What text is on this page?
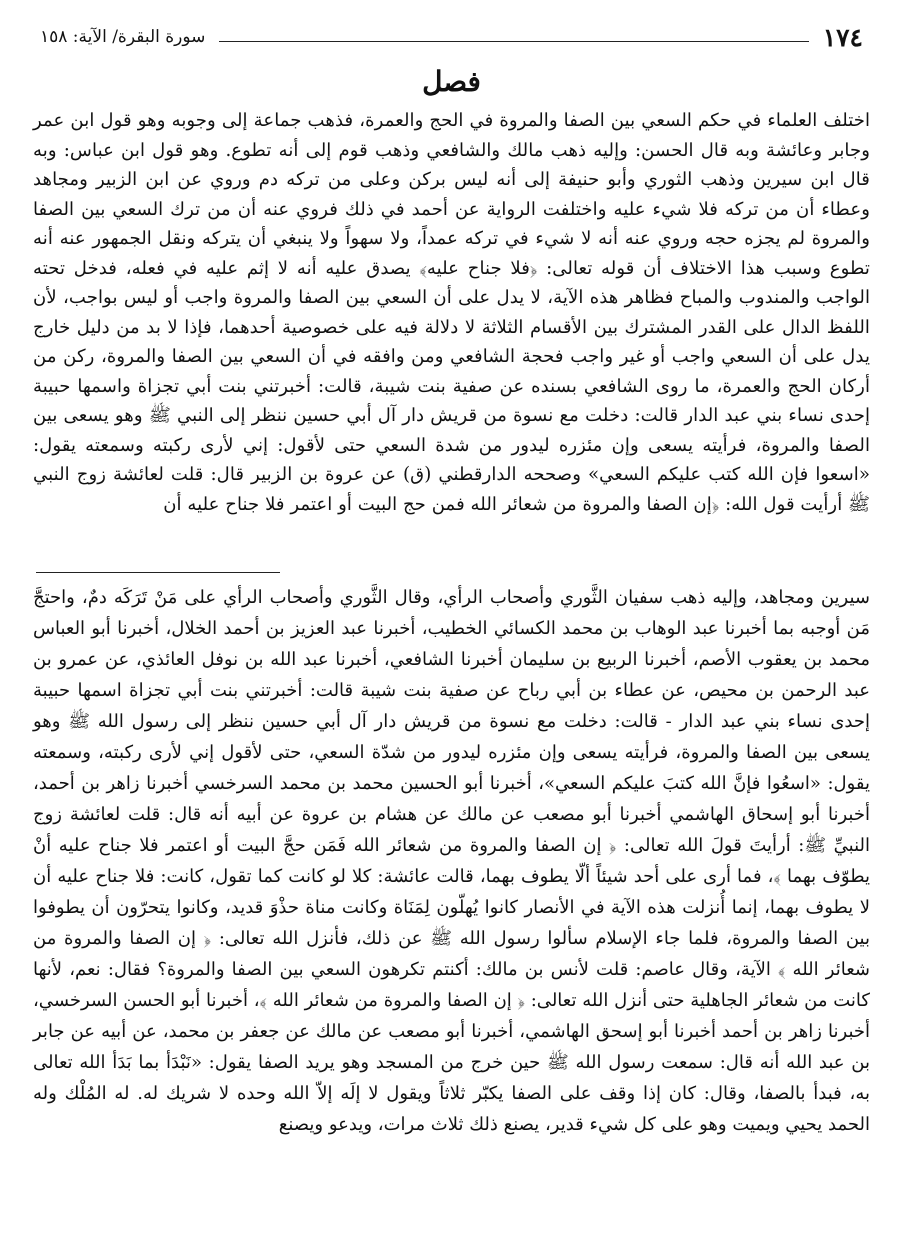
سورة البقرة/ الآية: ١٥٨	١٧٤
فصل

اختلف العلماء في حكم السعي بين الصفا والمروة في الحج والعمرة، فذهب جماعة إلى وجوبه وهو قول ابن عمر وجابر وعائشة وبه قال الحسن: وإليه ذهب مالك والشافعي وذهب قوم إلى أنه تطوع. وهو قول ابن عباس: وبه قال ابن سيرين وذهب الثوري وأبو حنيفة إلى أنه ليس بركن وعلى من تركه دم وروي عن ابن الزبير ومجاهد وعطاء أن من تركه فلا شيء عليه واختلفت الرواية عن أحمد في ذلك فروي عنه أن من ترك السعي بين الصفا والمروة لم يجزه حجه وروي عنه أنه لا شيء في تركه عمداً، ولا سهواً ولا ينبغي أن يتركه ونقل الجمهور عنه أنه تطوع وسبب هذا الاختلاف أن قوله تعالى: ﴿فلا جناح عليه﴾ يصدق عليه أنه لا إثم عليه في فعله، فدخل تحته الواجب والمندوب والمباح فظاهر هذه الآية، لا يدل على أن السعي بين الصفا والمروة واجب أو ليس بواجب، لأن اللفظ الدال على القدر المشترك بين الأقسام الثلاثة لا دلالة فيه على خصوصية أحدهما، فإذا لا بد من دليل خارج يدل على أن السعي واجب أو غير واجب فحجة الشافعي ومن وافقه في أن السعي بين الصفا والمروة، ركن من أركان الحج والعمرة، ما روى الشافعي بسنده عن صفية بنت شيبة، قالت: أخبرتني بنت أبي تجزاة واسمها حبيبة إحدى نساء بني عبد الدار قالت: دخلت مع نسوة من قريش دار آل أبي حسين ننظر إلى النبي ﷺ وهو يسعى بين الصفا والمروة، فرأيته يسعى وإن مئزره ليدور من شدة السعي حتى لأقول: إني لأرى ركبته وسمعته يقول: «اسعوا فإن الله كتب عليكم السعي» وصححه الدارقطني (ق) عن عروة بن الزبير قال: قلت لعائشة زوج النبي ﷺ أرأيت قول الله: ﴿إن الصفا والمروة من شعائر الله فمن حج البيت أو اعتمر فلا جناح عليه أن

سيرين ومجاهد، وإليه ذهب سفيان الثَّوري وأصحاب الرأي، وقال الثَّوري وأصحاب الرأي على مَنْ تَرَكَه دمٌ، واحتجَّ مَن أوجبه بما أخبرنا عبد الوهاب بن محمد الكسائي الخطيب، أخبرنا عبد العزيز بن أحمد الخلال، أخبرنا أبو العباس محمد بن يعقوب الأصم، أخبرنا الربيع بن سليمان أخبرنا الشافعي، أخبرنا عبد الله بن نوفل العائذي، عن عمرو بن عبد الرحمن بن محيص، عن عطاء بن أبي رباح عن صفية بنت شيبة قالت: أخبرتني بنت أبي تجزاة اسمها حبيبة إحدى نساء بني عبد الدار - قالت: دخلت مع نسوة من قريش دار آل أبي حسين ننظر إلى رسول الله ﷺ وهو يسعى بين الصفا والمروة، فرأيته يسعى وإن مئزره ليدور من شدّة السعي، حتى لأقول إني لأرى ركبته، وسمعته يقول: «اسعُوا فإنَّ الله كتبَ عليكم السعي»، أخبرنا أبو الحسين محمد بن محمد السرخسي أخبرنا زاهر بن أحمد، أخبرنا أبو إسحاق الهاشمي أخبرنا أبو مصعب عن مالك عن هشام بن عروة عن أبيه أنه قال: قلت لعائشة زوج النبيِّ ﷺ: أرأيتَ قولَ الله تعالى: ﴿ إن الصفا والمروة من شعائر الله فَمَن حجَّ البيت أو اعتمر فلا جناح عليه أنْ يطوّف بهما ﴾، فما أرى على أحد شيئاً ألّا يطوف بهما، قالت عائشة: كلا لو كانت كما تقول، كانت: فلا جناح عليه أن لا يطوف بهما، إنما أُنزلت هذه الآية في الأنصار كانوا يُهلّون لِمَنَاة وكانت مناة حذْوَ قديد، وكانوا يتحرّون أن يطوفوا بين الصفا والمروة، فلما جاء الإسلام سألوا رسول الله ﷺ عن ذلك، فأنزل الله تعالى: ﴿ إن الصفا والمروة من شعائر الله ﴾ الآية، وقال عاصم: قلت لأنس بن مالك: أكنتم تكرهون السعي بين الصفا والمروة؟ فقال: نعم، لأنها كانت من شعائر الجاهلية حتى أنزل الله تعالى: ﴿ إن الصفا والمروة من شعائر الله ﴾، أخبرنا أبو الحسن السرخسي، أخبرنا زاهر بن أحمد أخبرنا أبو إسحق الهاشمي، أخبرنا أبو مصعب عن مالك عن جعفر بن محمد، عن أبيه عن جابر بن عبد الله أنه قال: سمعت رسول الله ﷺ حين خرج من المسجد وهو يريد الصفا يقول: «نَبْدَأ بما بَدَأ الله تعالى به، فبدأ بالصفا، وقال: كان إذا وقف على الصفا يكبّر ثلاثاً ويقول لا إلَه إلاّ الله وحده لا شريك له. له المُلْك وله الحمد يحيي ويميت وهو على كل شيء قدير، يصنع ذلك ثلاث مرات، ويدعو ويصنع
